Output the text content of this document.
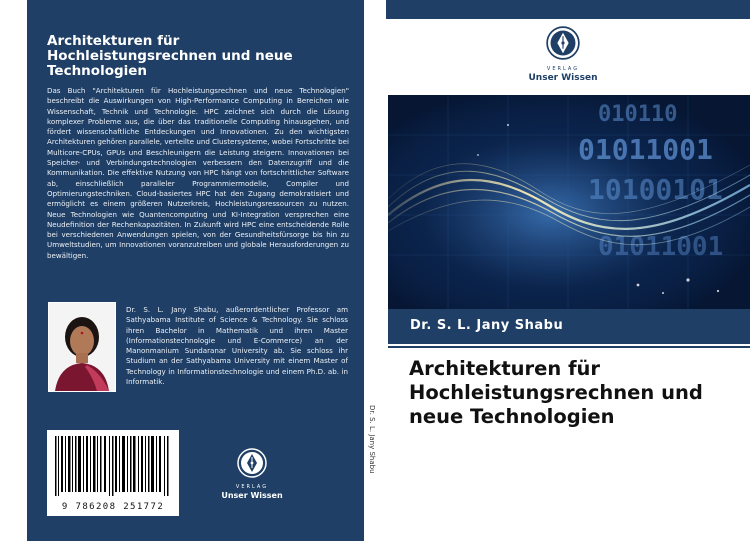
Architekturen für Hochleistungsrechnen und neue Technologien

Das Buch "Architekturen für Hochleistungsrechnen und neue Technologien" beschreibt die Auswirkungen von High-Performance Computing in Bereichen wie Wissenschaft, Technik und Technologie. HPC zeichnet sich durch die Lösung komplexer Probleme aus, die über das traditionelle Computing hinausgehen, und fördert wissenschaftliche Entdeckungen und Innovationen. Zu den wichtigsten Architekturen gehören parallele, verteilte und Clustersysteme, wobei Fortschritte bei Multicore-CPUs, GPUs und Beschleunigern die Leistung steigern. Innovationen bei Speicher- und Verbindungstechnologien verbessern den Datenzugriff und die Kommunikation. Die effektive Nutzung von HPC hängt von fortschrittlicher Software ab, einschließlich paralleler Programmiermodelle, Compiler und Optimierungstechniken. Cloud-basiertes HPC hat den Zugang demokratisiert und ermöglicht es einem größeren Nutzerkreis, Hochleistungsressourcen zu nutzen. Neue Technologien wie Quantencomputing und KI-Integration versprechen eine Neudefinition der Rechenkapazitäten. In Zukunft wird HPC eine entscheidende Rolle bei verschiedenen Anwendungen spielen, von der Gesundheitsfürsorge bis hin zu Umweltstudien, um Innovationen voranzutreiben und globale Herausforderungen zu bewältigen.

Dr. S. L. Jany Shabu, außerordentlicher Professor am Sathyabama Institute of Science & Technology. Sie schloss ihren Bachelor in Mathematik und ihren Master (Informationstechnologie und E-Commerce) an der Manonmanium Sundaranar University ab. Sie schloss ihr Studium an der Sathyabama University mit einem Master of Technology in Informationstechnologie und einem Ph.D. ab. in Informatik.

9 786208 251772
VERLAG
Unser Wissen
Dr. S. L. Jany Shabu
VERLAG
Unser Wissen
010110
01011001
10100101
01011001
Dr. S. L. Jany Shabu
Architekturen für Hochleistungsrechnen und neue Technologien
